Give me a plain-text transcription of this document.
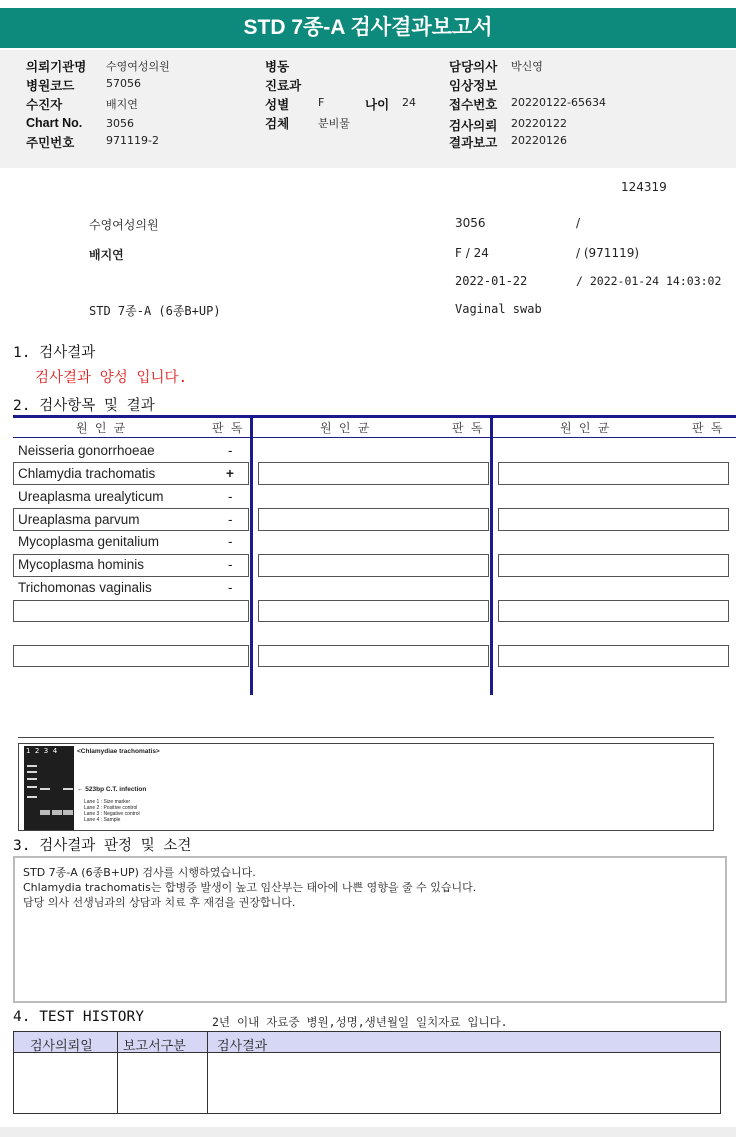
STD 7종-A 검사결과보고서
의뢰기관명 수영여성의원
병원코드	57056
수진자	배지연
Chart No. 3056
주민번호	971119-2
병동
진료과
성별	F	나이 24
검체	분비물
담당의사 박신영
임상정보
접수번호 20220122-65634
검사의뢰 20220122
결과보고 20220126
124319
수영여성의원	3056	/
배지연	F / 24	/ (971119)
2022-01-22	/ 2022-01-24 14:03:02
STD 7종-A (6종B+UP)	Vaginal swab
1. 검사결과
검사결과 양성 입니다.
2. 검사항목 및 결과
원 인 균	판 독	원 인 균	판 독	원 인 균	판 독
Neisseria gonorrhoeae	-
Chlamydia trachomatis	+
Ureaplasma urealyticum	-
Ureaplasma parvum	-
Mycoplasma genitalium	-
Mycoplasma hominis	-
Trichomonas vaginalis	-
1  2  3  4	<Chlamydiae trachomatis>
← 523bp C.T. infection
Lane 1 : Size marker
Lane 2 : Positive control
Lane 3 : Negative control
Lane 4 : Sample
3. 검사결과 판정 및 소견
STD 7종-A (6종B+UP) 검사를 시행하였습니다.
Chlamydia trachomatis는 합병증 발생이 높고 임산부는 태아에 나쁜 영향을 줄 수 있습니다.
담당 의사 선생님과의 상담과 치료 후 재검을 권장합니다.
4. TEST HISTORY	2년 이내 자료중 병원,성명,생년월일 일치자료 입니다.
검사의뢰일 보고서구분 검사결과
